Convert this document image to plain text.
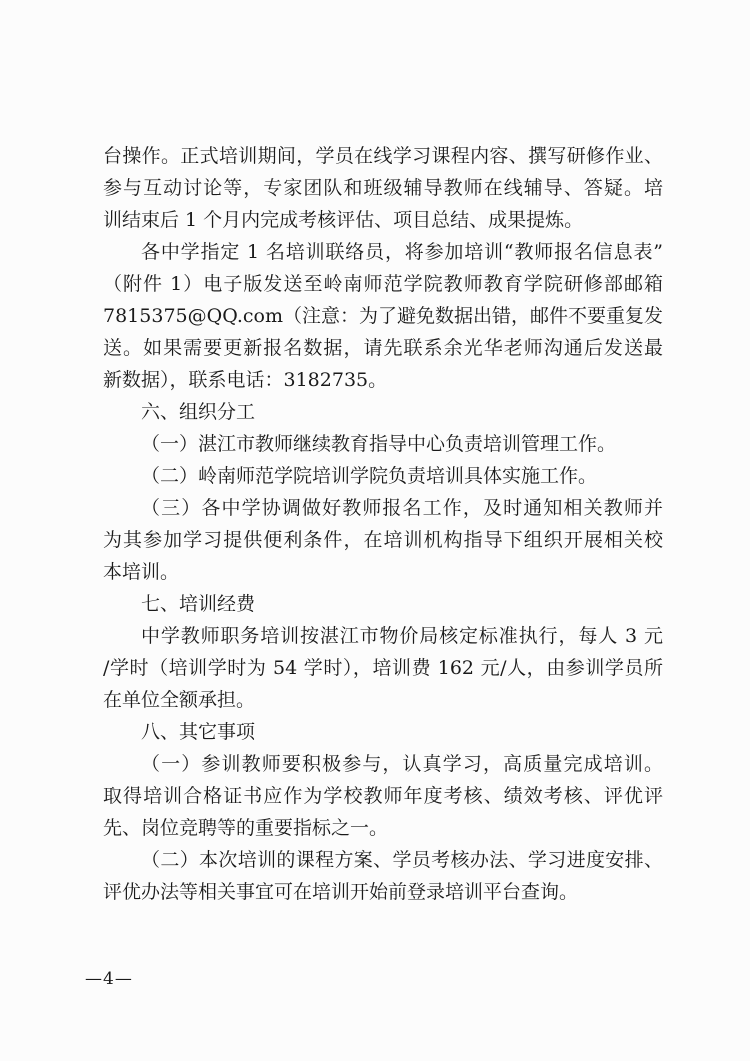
台操作。正式培训期间，学员在线学习课程内容、撰写研修作业、
参与互动讨论等，专家团队和班级辅导教师在线辅导、答疑。培
训结束后 1 个月内完成考核评估、项目总结、成果提炼。
各中学指定 1 名培训联络员，将参加培训“教师报名信息表”
（附件 1）电子版发送至岭南师范学院教师教育学院研修部邮箱
7815375@QQ.com（注意：为了避免数据出错，邮件不要重复发
送。如果需要更新报名数据，请先联系余光华老师沟通后发送最
新数据），联系电话：3182735。
六、组织分工
（一）湛江市教师继续教育指导中心负责培训管理工作。
（二）岭南师范学院培训学院负责培训具体实施工作。
（三）各中学协调做好教师报名工作，及时通知相关教师并
为其参加学习提供便利条件，在培训机构指导下组织开展相关校
本培训。
七、培训经费
中学教师职务培训按湛江市物价局核定标准执行，每人 3 元
/学时（培训学时为 54 学时），培训费 162 元/人，由参训学员所
在单位全额承担。
八、其它事项
（一）参训教师要积极参与，认真学习，高质量完成培训。
取得培训合格证书应作为学校教师年度考核、绩效考核、评优评
先、岗位竞聘等的重要指标之一。
（二）本次培训的课程方案、学员考核办法、学习进度安排、
评优办法等相关事宜可在培训开始前登录培训平台查询。
—4—
